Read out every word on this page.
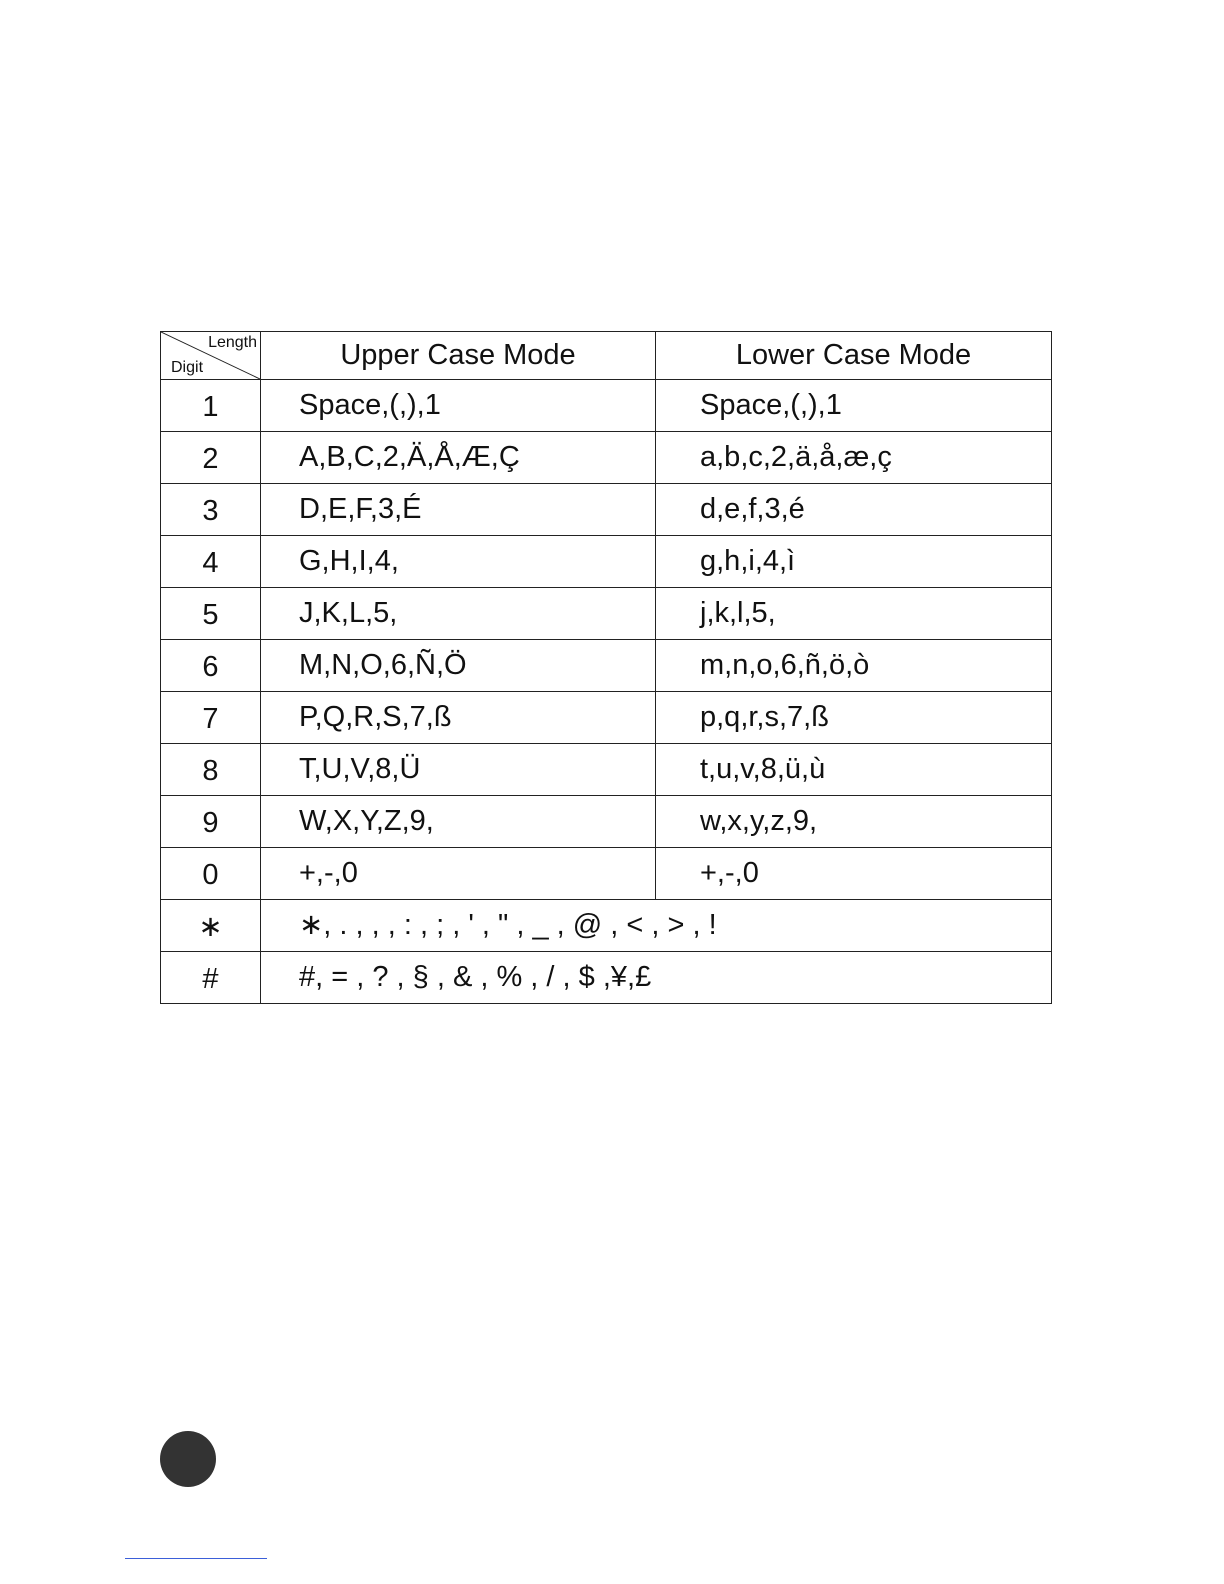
Length
Digit	Upper Case Mode	Lower Case Mode
1	Space,(,),1	Space,(,),1
2	A,B,C,2,Ä,Å,Æ,Ç	a,b,c,2,ä,å,æ,ç
3	D,E,F,3,É	d,e,f,3,é
4	G,H,I,4,	g,h,i,4,ì
5	J,K,L,5,	j,k,l,5,
6	M,N,O,6,Ñ,Ö	m,n,o,6,ñ,ö,ò
7	P,Q,R,S,7,ß	p,q,r,s,7,ß
8	T,U,V,8,Ü	t,u,v,8,ü,ù
9	W,X,Y,Z,9,	w,x,y,z,9,
0	+,-,0	+,-,0
∗	∗, . , , , : , ; , ' , " , _ , @ , < , > , !	
#	#, = , ? , § , & , % , / , $ ,¥,£	
